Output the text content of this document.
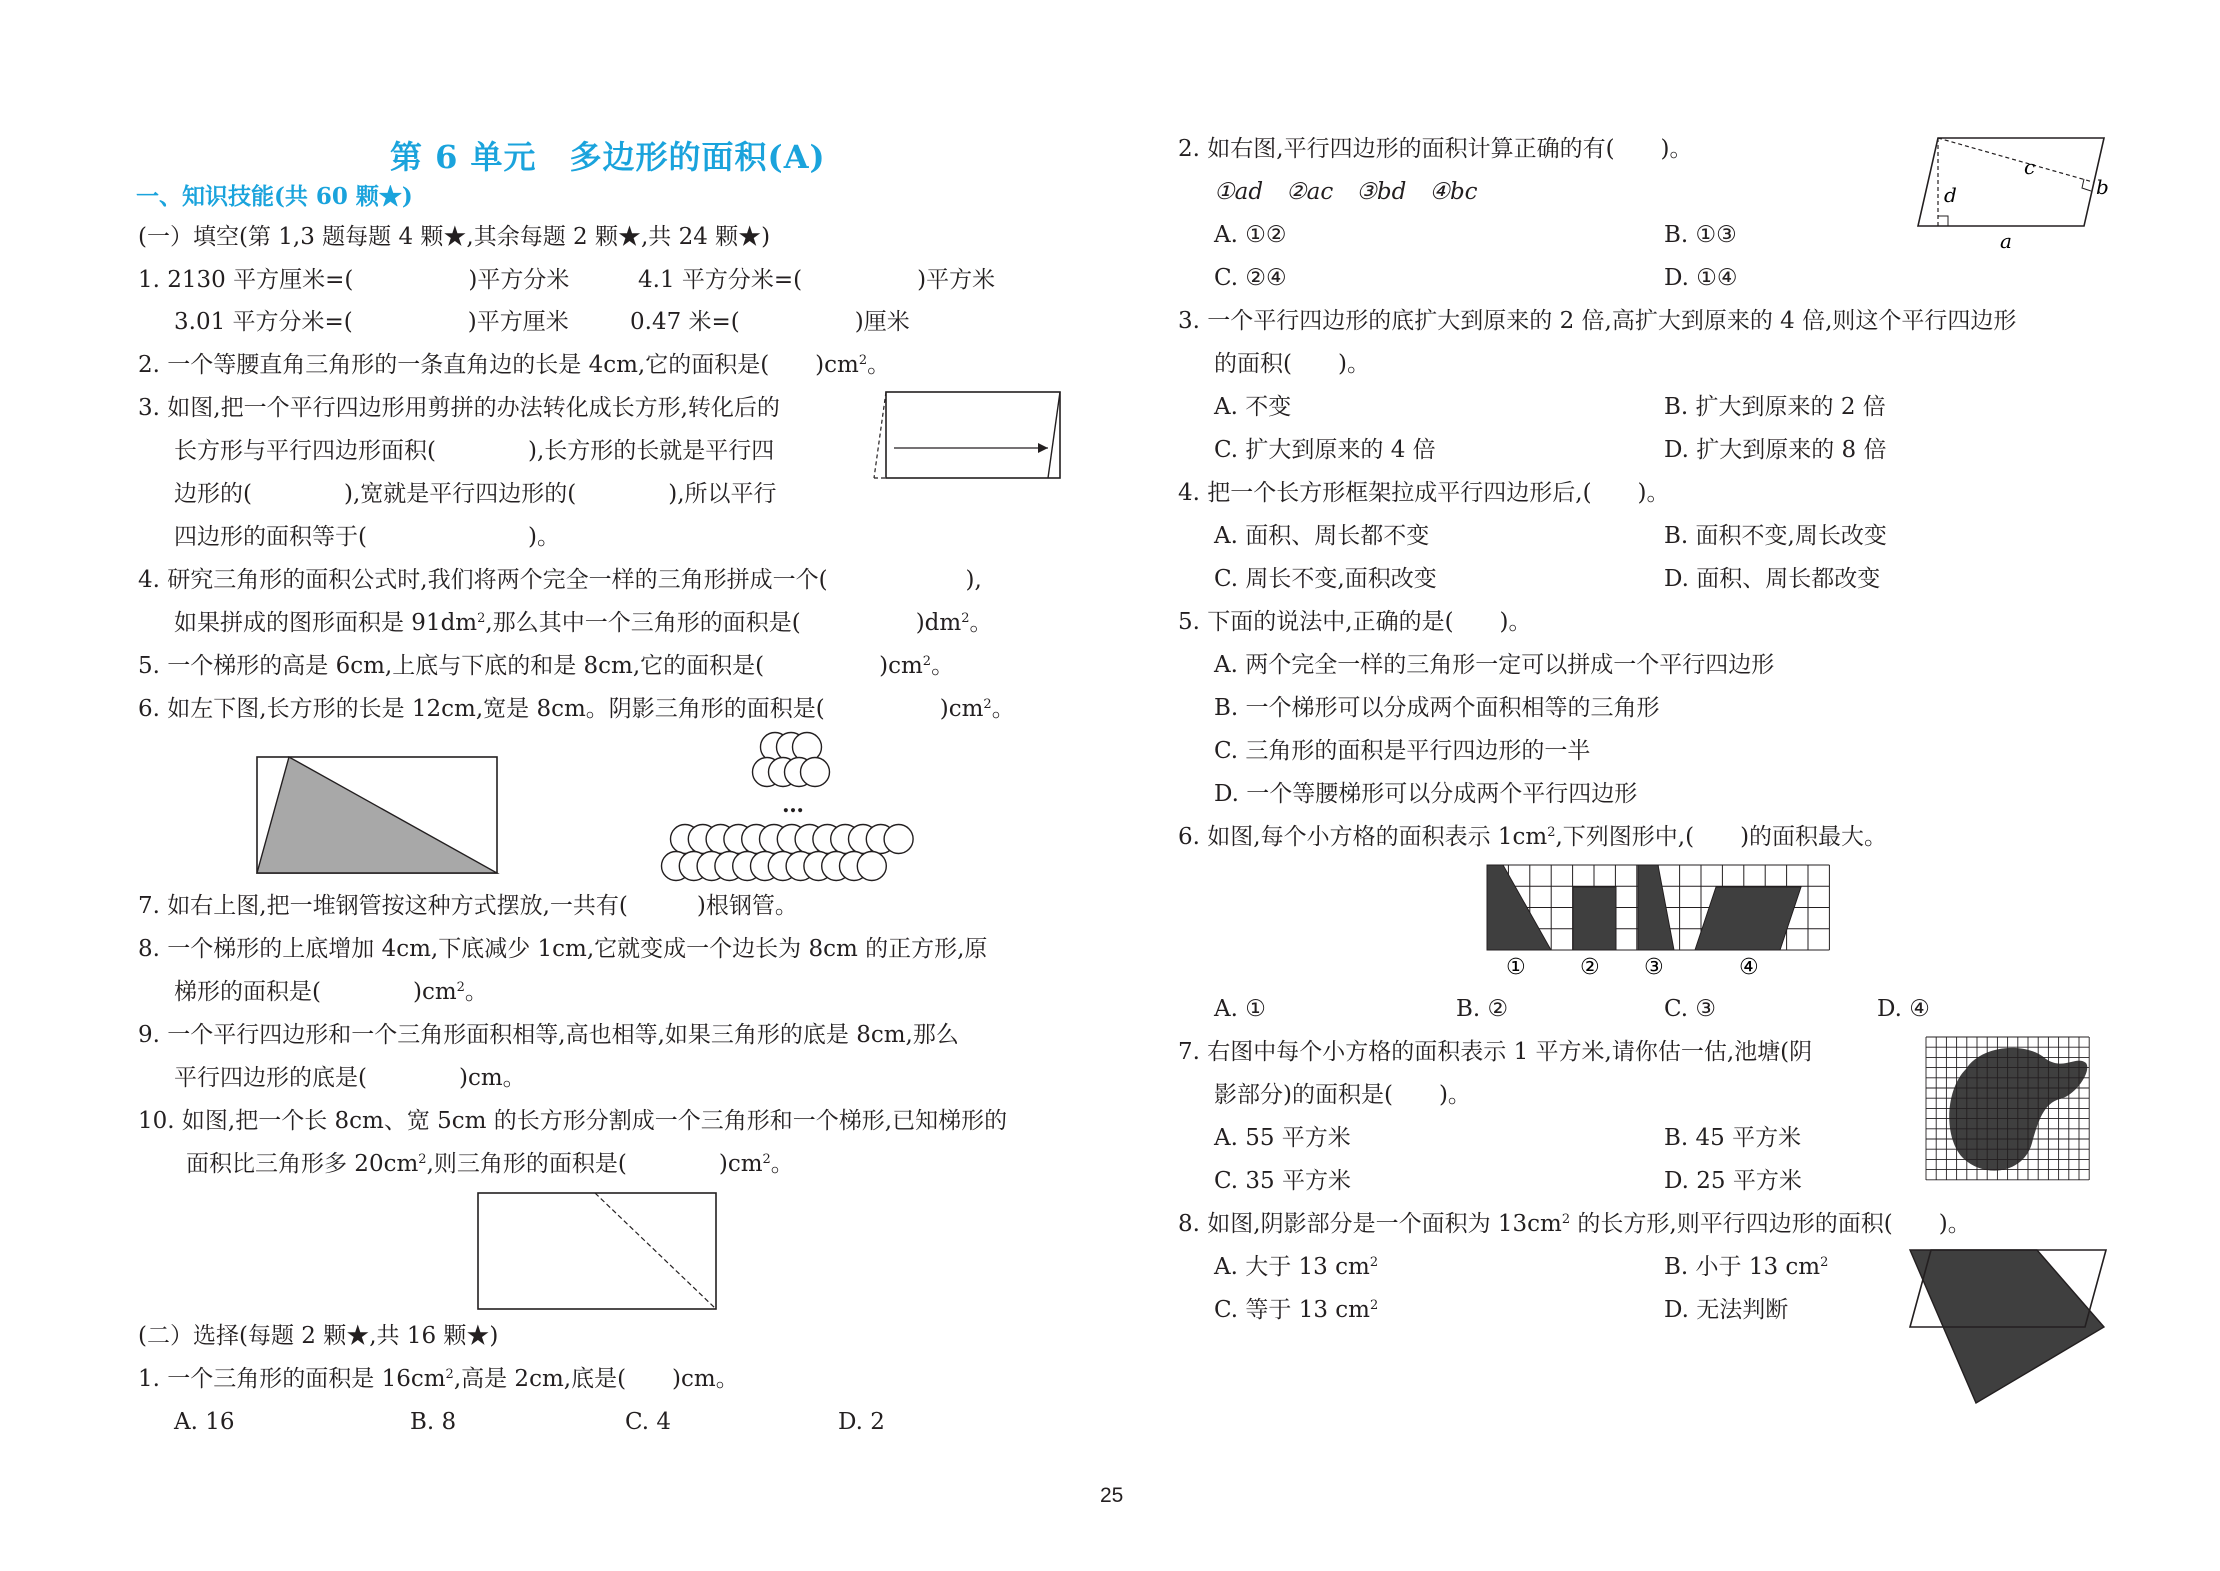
第 6 单元　多边形的面积(A)
一、知识技能(共 60 颗★)
(一）填空(第 1,3 题每题 4 颗★,其余每题 2 颗★,共 24 颗★)
1. 2130 平方厘米=(　　　　　)平方分米	4.1 平方分米=(　　　　　)平方米
3.01 平方分米=(　　　　　)平方厘米	0.47 米=(　　　　　)厘米
2. 一个等腰直角三角形的一条直角边的长是 4cm,它的面积是(　　)$cm^2$。
3. 如图,把一个平行四边形用剪拼的办法转化成长方形,转化后的
长方形与平行四边形面积(　　　　),长方形的长就是平行四
边形的(　　　　),宽就是平行四边形的(　　　　),所以平行
四边形的面积等于(　　　　　　　)。
4. 研究三角形的面积公式时,我们将两个完全一样的三角形拼成一个(　　　　　　),
如果拼成的图形面积是 $91dm^2$,那么其中一个三角形的面积是(　　　　　)$dm^2$。
5. 一个梯形的高是 6cm,上底与下底的和是 8cm,它的面积是(　　　　　)$cm^2$。
6. 如左下图,长方形的长是 12cm,宽是 8cm。阴影三角形的面积是(　　　　　)$cm^2$。
…
7. 如右上图,把一堆钢管按这种方式摆放,一共有(　　　)根钢管。
8. 一个梯形的上底增加 4cm,下底减少 1cm,它就变成一个边长为 8cm 的正方形,原
梯形的面积是(　　　　)$cm^2$。
9. 一个平行四边形和一个三角形面积相等,高也相等,如果三角形的底是 8cm,那么
平行四边形的底是(　　　　)cm。
10. 如图,把一个长 8cm、宽 5cm 的长方形分割成一个三角形和一个梯形,已知梯形的
面积比三角形多 $20cm^2$,则三角形的面积是(　　　　)$cm^2$。
(二）选择(每题 2 颗★,共 16 颗★)
1. 一个三角形的面积是 $16cm^2$,高是 2cm,底是(　　)cm。
A. 16	B. 8	C. 4	D. 2
2. 如右图,平行四边形的面积计算正确的有(　　)。
①ad　②ac　③bd　④bc
A. ①②	B. ①③
C. ②④	D. ①④
c
b
d
a
3. 一个平行四边形的底扩大到原来的 2 倍,高扩大到原来的 4 倍,则这个平行四边形
的面积(　　)。
A. 不变	B. 扩大到原来的 2 倍
C. 扩大到原来的 4 倍	D. 扩大到原来的 8 倍
4. 把一个长方形框架拉成平行四边形后,(　　)。
A. 面积、周长都不变	B. 面积不变,周长改变
C. 周长不变,面积改变	D. 面积、周长都改变
5. 下面的说法中,正确的是(　　)。
A. 两个完全一样的三角形一定可以拼成一个平行四边形
B. 一个梯形可以分成两个面积相等的三角形
C. 三角形的面积是平行四边形的一半
D. 一个等腰梯形可以分成两个平行四边形
6. 如图,每个小方格的面积表示 $1cm^2$,下列图形中,(　　)的面积最大。
① ② ③	④
A. ①	B. ②	C. ③	D. ④
7. 右图中每个小方格的面积表示 1 平方米,请你估一估,池塘(阴
影部分)的面积是(　　)。
A. 55 平方米	B. 45 平方米
C. 35 平方米	D. 25 平方米
8. 如图,阴影部分是一个面积为 $13cm^2$ 的长方形,则平行四边形的面积(　　)。
A. 大于 13 $cm^2$	B. 小于 13 $cm^2$
C. 等于 13 $cm^2$	D. 无法判断
25
